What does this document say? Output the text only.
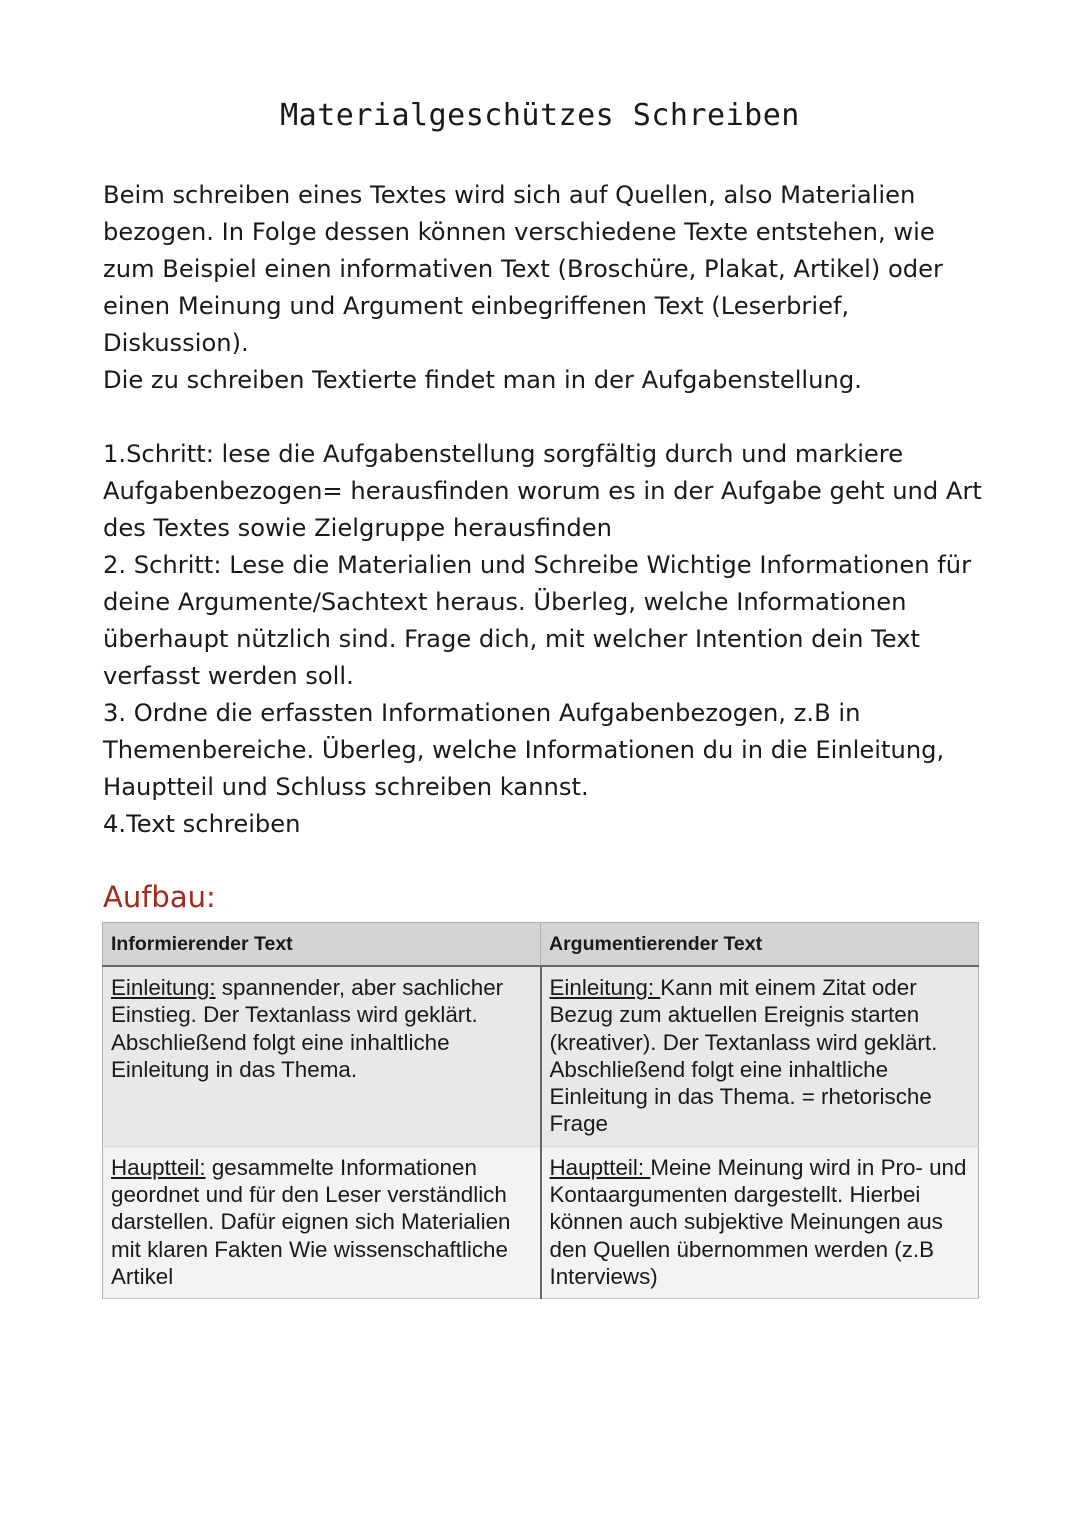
Materialgeschützes Schreiben

Beim schreiben eines Textes wird sich auf Quellen, also Materialien bezogen. In Folge dessen können verschiedene Texte entstehen, wie zum Beispiel einen informativen Text (Broschüre, Plakat, Artikel) oder einen Meinung und Argument einbegriffenen Text (Leserbrief, Diskussion).

Die zu schreiben Textierte findet man in der Aufgabenstellung.

1.Schritt: lese die Aufgabenstellung sorgfältig durch und markiere Aufgabenbezogen= herausfinden worum es in der Aufgabe geht und Art des Textes sowie Zielgruppe herausfinden

2. Schritt: Lese die Materialien und Schreibe Wichtige Informationen für deine Argumente/Sachtext heraus. Überleg, welche Informationen überhaupt nützlich sind. Frage dich, mit welcher Intention dein Text verfasst werden soll.

3. Ordne die erfassten Informationen Aufgabenbezogen, z.B in Themenbereiche. Überleg, welche Informationen du in die Einleitung, Hauptteil und Schluss schreiben kannst.

4.Text schreiben

Aufbau:
Informierender Text	Argumentierender Text
Einleitung: spannender, aber sachlicher Einstieg. Der Textanlass wird geklärt. Abschließend folgt eine inhaltliche Einleitung in das Thema.	Einleitung: Kann mit einem Zitat oder Bezug zum aktuellen Ereignis starten (kreativer). Der Textanlass wird geklärt. Abschließend folgt eine inhaltliche Einleitung in das Thema. = rhetorische Frage
Hauptteil: gesammelte Informationen geordnet und für den Leser verständlich darstellen. Dafür eignen sich Materialien mit klaren Fakten Wie wissenschaftliche Artikel	Hauptteil: Meine Meinung wird in Pro- und Kontaargumenten dargestellt. Hierbei können auch subjektive Meinungen aus den Quellen übernommen werden (z.B Interviews)
